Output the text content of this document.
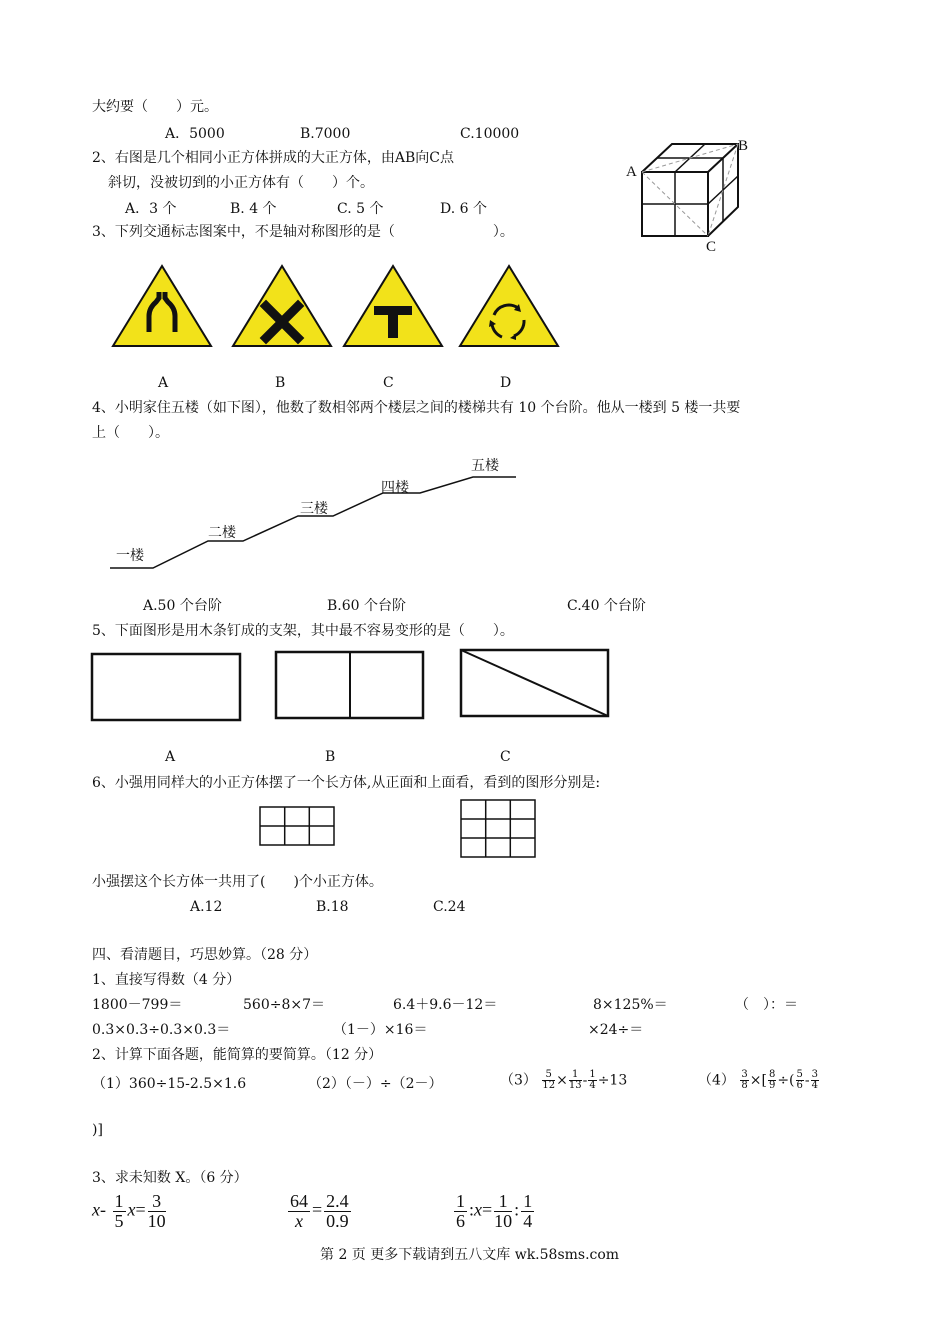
大约要（　　）元。
A．5000	B.7000	C.10000
2、右图是几个相同小正方体拼成的大正方体，由AB向C点
斜切，没被切到的小正方体有（　　）个。
A．3 个	B. 4 个	C. 5 个	D. 6 个
A
B
C
3、下列交通标志图案中，不是轴对称图形的是（　　　　　　　）。
A	B	C	D
4、小明家住五楼（如下图），他数了数相邻两个楼层之间的楼梯共有 10 个台阶。他从一楼到 5 楼一共要
上（　　）。
一楼
二楼
三楼
四楼
五楼
A.50 个台阶	B.60 个台阶	C.40 个台阶
5、下面图形是用木条钉成的支架，其中最不容易变形的是（　　）。
A	B	C
6、小强用同样大的小正方体摆了一个长方体,从正面和上面看，看到的图形分别是:
小强摆这个长方体一共用了(　　)个小正方体。
A.12	B.18	C.24
四、看清题目，巧思妙算。（28 分）
1、直接写得数（4 分）
1800－799＝	560÷8×7＝	6.4＋9.6－12＝	8×125%＝	（　）：＝
0.3×0.3÷0.3×0.3＝	（1－）×16＝	×24÷＝
2、计算下面各题，能简算的要简算。（12 分）
（1）360÷15-2.5×1.6	（2）（－）÷（2－）	$(3) \frac{5}{12} \times \frac{1}{13} - \frac{1}{4} \div 13$	$(4) \frac{3}{8}$ ×[ $\frac{8}{9}$ ÷( $\frac{5}{6} - \frac{3}{4}$
)]
3、求未知数 X。（6 分）
$x- \frac{1}{5} x= \frac{3}{10}$	$\frac{64}{x} = \frac{2.4}{0.9}$	$\frac{1}{6}$ :x= $\frac{1}{10}$ : $\frac{1}{4}$
第 2 页 更多下载请到五八文库 wk.58sms.com
